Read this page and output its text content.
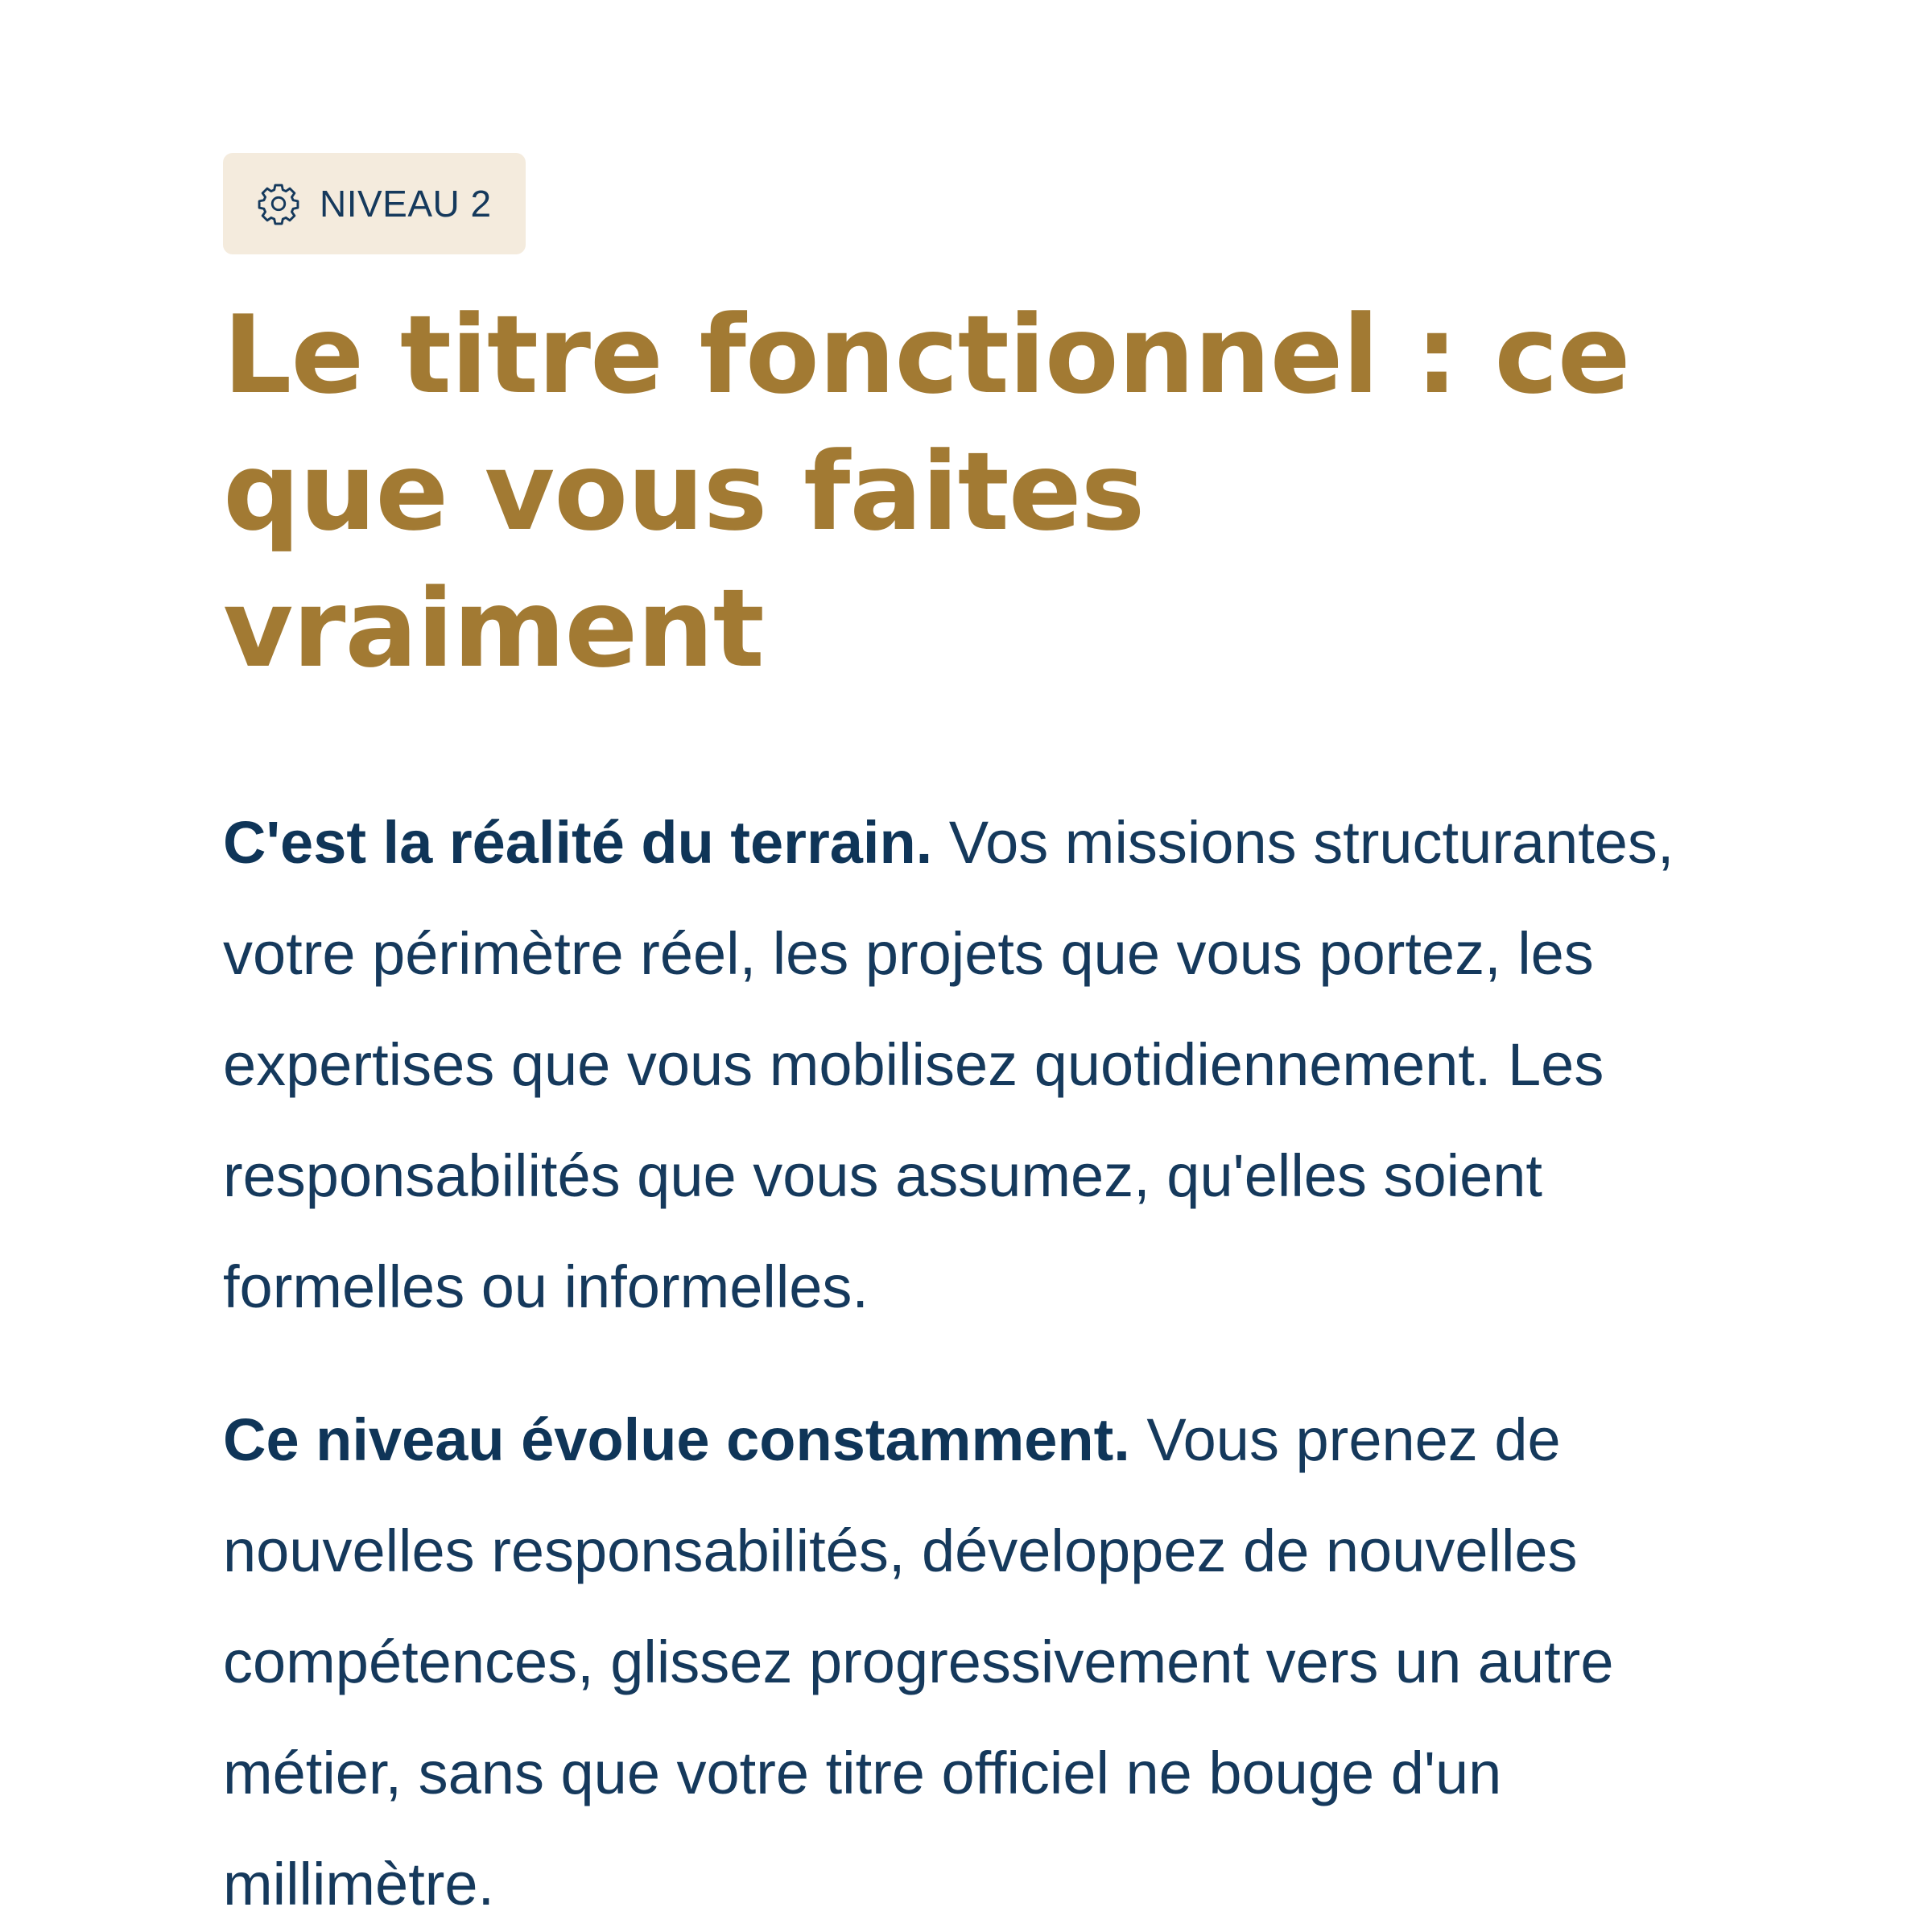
NIVEAU 2
Le titre fonctionnel : ce que vous faites vraiment

C'est la réalité du terrain. Vos missions structurantes, votre périmètre réel, les projets que vous portez, les expertises que vous mobilisez quotidiennement. Les responsabilités que vous assumez, qu'elles soient formelles ou informelles.

Ce niveau évolue constamment. Vous prenez de nouvelles responsabilités, développez de nouvelles compétences, glissez progressivement vers un autre métier, sans que votre titre officiel ne bouge d'un millimètre.
